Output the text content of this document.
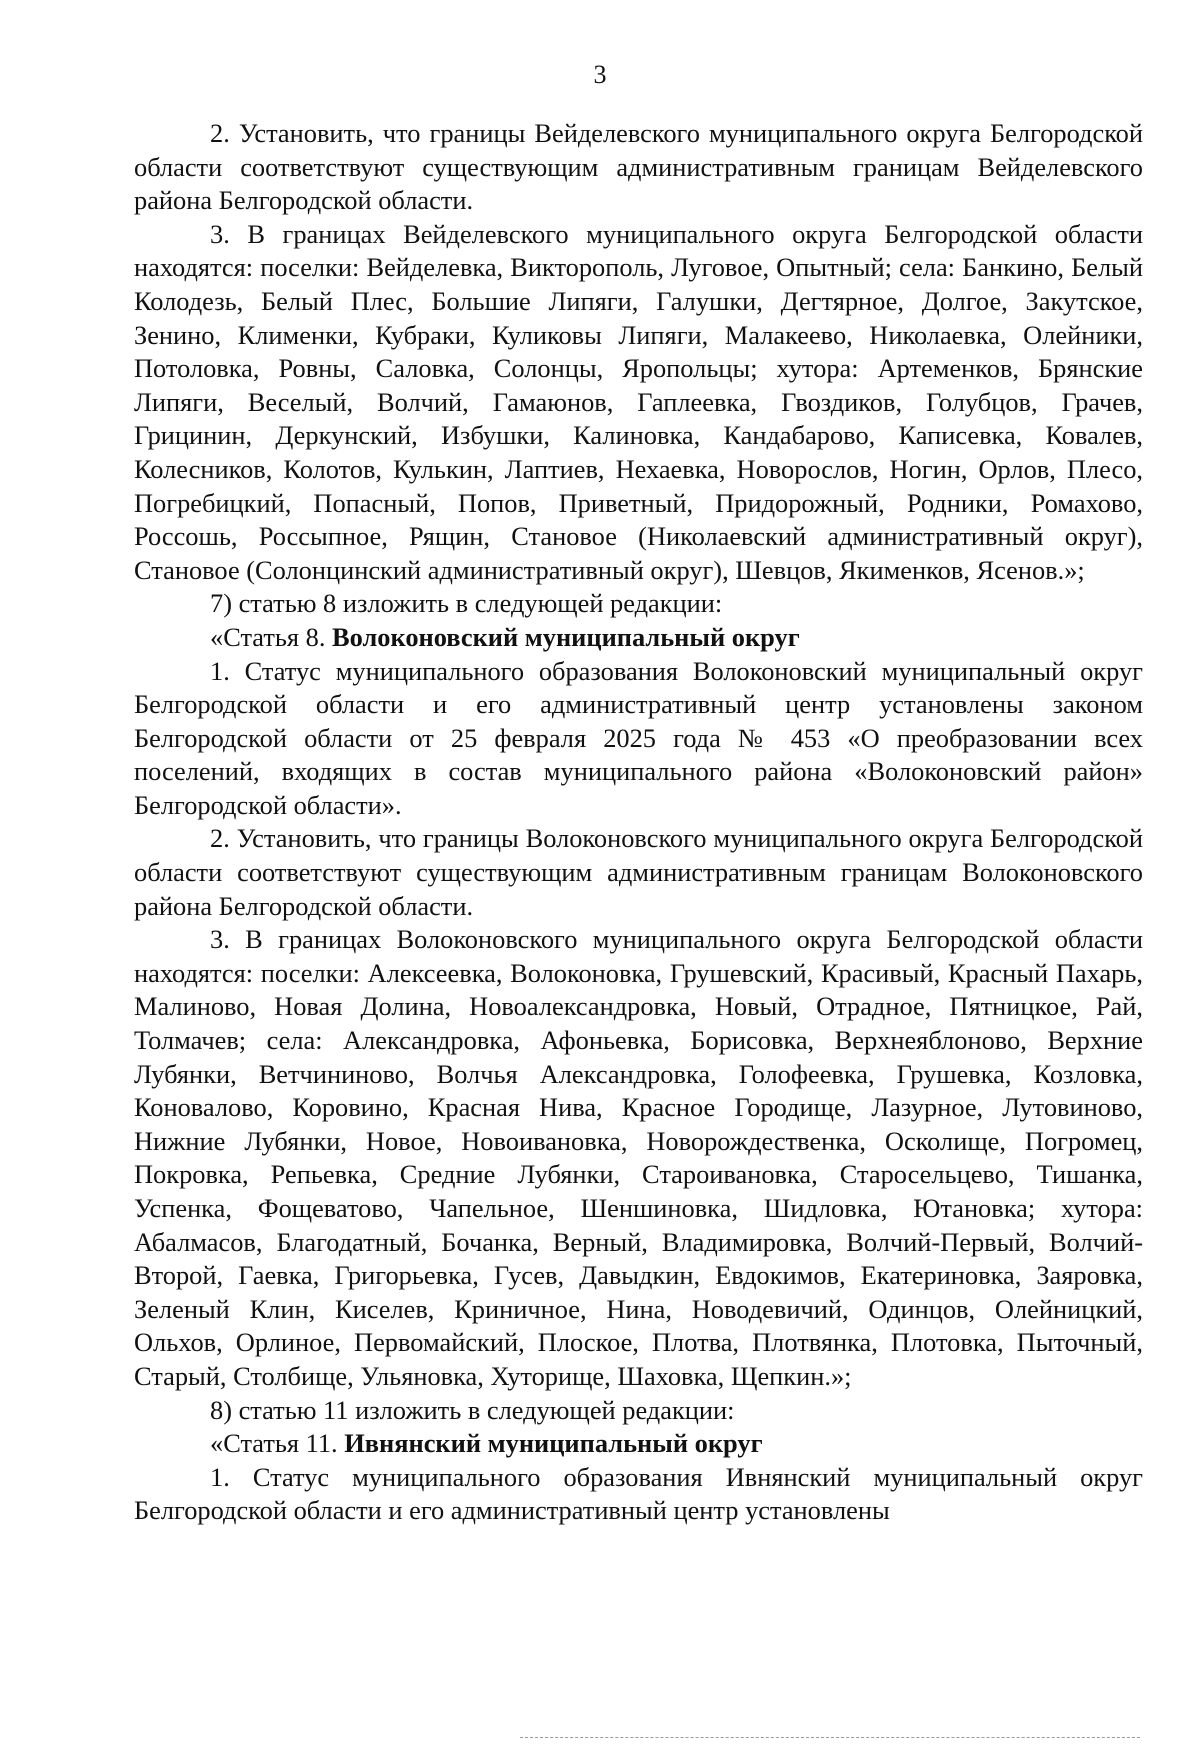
3

2. Установить, что границы Вейделевского муниципального округа Белгородской области соответствуют существующим административным границам Вейделевского района Белгородской области.

3. В границах Вейделевского муниципального округа Белгородской области находятся: поселки: Вейделевка, Викторополь, Луговое, Опытный; села: Банкино, Белый Колодезь, Белый Плес, Большие Липяги, Галушки, Дегтярное, Долгое, Закутское, Зенино, Клименки, Кубраки, Куликовы Липяги, Малакеево, Николаевка, Олейники, Потоловка, Ровны, Саловка, Солонцы, Яропольцы; хутора: Артеменков, Брянские Липяги, Веселый, Волчий, Гамаюнов, Гаплеевка, Гвоздиков, Голубцов, Грачев, Грицинин, Деркунский, Избушки, Калиновка, Кандабарово, Каписевка, Ковалев, Колесников, Колотов, Кулькин, Лаптиев, Нехаевка, Новорослов, Ногин, Орлов, Плесо, Погребицкий, Попасный, Попов, Приветный, Придорожный, Родники, Ромахово, Россошь, Россыпное, Рящин, Становое (Николаевский административный округ), Становое (Солонцинский административный округ), Шевцов, Якименков, Ясенов.»;

7) статью 8 изложить в следующей редакции:

«Статья 8. Волоконовский муниципальный округ

1. Статус муниципального образования Волоконовский муниципальный округ Белгородской области и его административный центр установлены законом Белгородской области от 25 февраля 2025 года № 453 «О преобразовании всех поселений, входящих в состав муниципального района «Волоконовский район» Белгородской области».

2. Установить, что границы Волоконовского муниципального округа Белгородской области соответствуют существующим административным границам Волоконовского района Белгородской области.

3. В границах Волоконовского муниципального округа Белгородской области находятся: поселки: Алексеевка, Волоконовка, Грушевский, Красивый, Красный Пахарь, Малиново, Новая Долина, Новоалександровка, Новый, Отрадное, Пятницкое, Рай, Толмачев; села: Александровка, Афоньевка, Борисовка, Верхнеяблоново, Верхние Лубянки, Ветчининово, Волчья Александровка, Голофеевка, Грушевка, Козловка, Коновалово, Коровино, Красная Нива, Красное Городище, Лазурное, Лутовиново, Нижние Лубянки, Новое, Новоивановка, Новорождественка, Осколище, Погромец, Покровка, Репьевка, Средние Лубянки, Староивановка, Старосельцево, Тишанка, Успенка, Фощеватово, Чапельное, Шеншиновка, Шидловка, Ютановка; хутора: Абалмасов, Благодатный, Бочанка, Верный, Владимировка, Волчий-Первый, Волчий-Второй, Гаевка, Григорьевка, Гусев, Давыдкин, Евдокимов, Екатериновка, Заяровка, Зеленый Клин, Киселев, Криничное, Нина, Новодевичий, Одинцов, Олейницкий, Ольхов, Орлиное, Первомайский, Плоское, Плотва, Плотвянка, Плотовка, Пыточный, Старый, Столбище, Ульяновка, Хуторище, Шаховка, Щепкин.»;

8) статью 11 изложить в следующей редакции:

«Статья 11. Ивнянский муниципальный округ

1. Статус муниципального образования Ивнянский муниципальный округ Белгородской области и его административный центр установлены
